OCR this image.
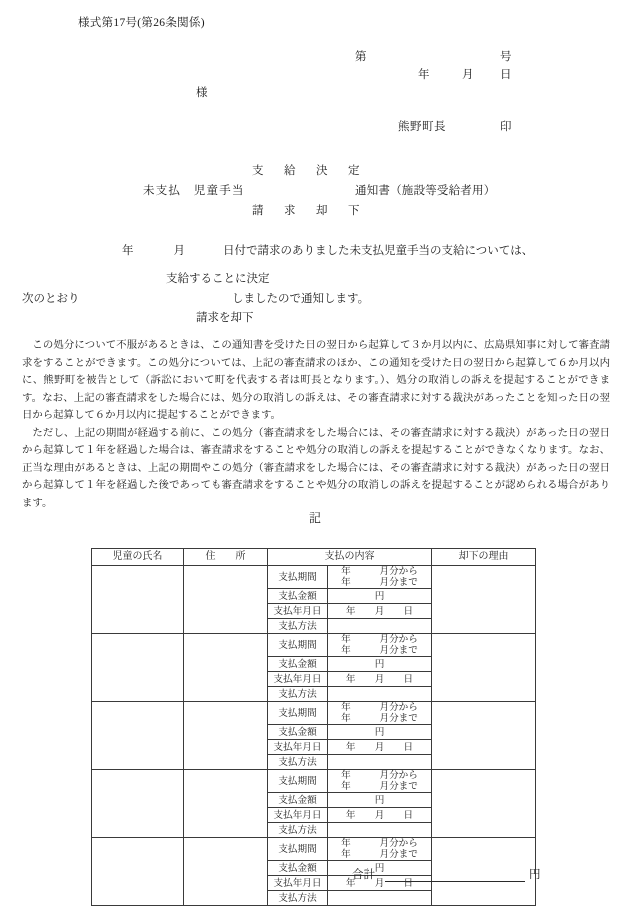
様式第17号(第26条関係)
第	号
年	月 日
様
熊野町長	印
支　給　決　定
未支払　児童手当	通知書（施設等受給者用）
請　求　却　下
年	月	日付で請求のありました未支払児童手当の支給については、
支給することに決定
次のとおり	しましたので通知します。
請求を却下

この処分について不服があるときは、この通知書を受けた日の翌日から起算して３か月以内に、広島県知事に対して審査請求をすることができます。この処分については、上記の審査請求のほか、この通知を受けた日の翌日から起算して６か月以内に、熊野町を被告として（訴訟において町を代表する者は町長となります。）、処分の取消しの訴えを提起することができます。なお、上記の審査請求をした場合には、処分の取消しの訴えは、その審査請求に対する裁決があったことを知った日の翌日から起算して６か月以内に提起することができます。

ただし、上記の期間が経過する前に、この処分（審査請求をした場合には、その審査請求に対する裁決）があった日の翌日から起算して１年を経過した場合は、審査請求をすることや処分の取消しの訴えを提起することができなくなります。なお、正当な理由があるときは、上記の期間やこの処分（審査請求をした場合には、その審査請求に対する裁決）があった日の翌日から起算して１年を経過した後であっても審査請求をすることや処分の取消しの訴えを提起することが認められる場合があります。

記
児童の氏名	住　　所	支払の内容		却下の理由
		支払期間	年　　　月分から
年　　　月分まで	

		支払金額	円	
		支払年月日	年　　月　　日	
		支払方法		
		支払期間	年　　　月分から
年　　　月分まで	

		支払金額	円	
		支払年月日	年　　月　　日	
		支払方法		
		支払期間	年　　　月分から
年　　　月分まで	

		支払金額	円	
		支払年月日	年　　月　　日	
		支払方法		
		支払期間	年　　　月分から
年　　　月分まで	

		支払金額	円	
		支払年月日	年　　月　　日	
		支払方法		
		支払期間	年　　　月分から
年　　　月分まで	

		支払金額	円	
		支払年月日	年　　月　　日	
		支払方法		
合計	円
